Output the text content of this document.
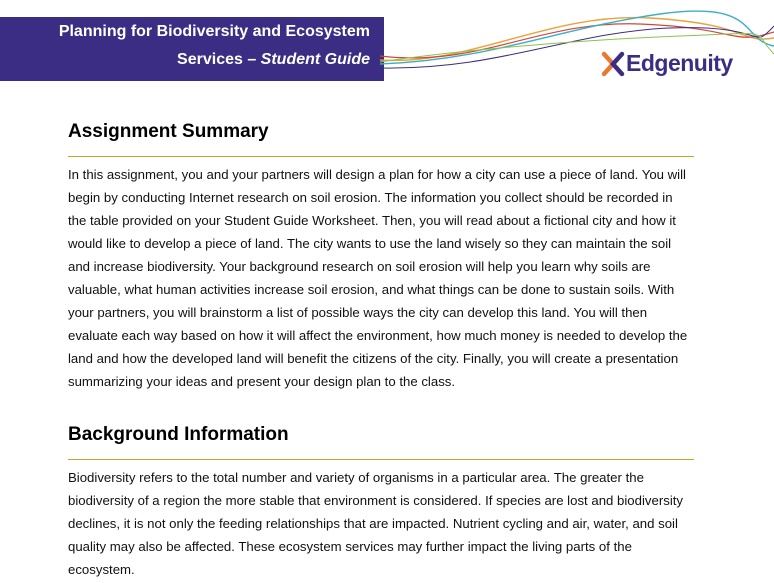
Planning for Biodiversity and Ecosystem
Services – Student Guide	Edgenuity
Assignment Summary

In this assignment, you and your partners will design a plan for how a city can use a piece of land. You will begin by conducting Internet research on soil erosion. The information you collect should be recorded in the table provided on your Student Guide Worksheet. Then, you will read about a fictional city and how it would like to develop a piece of land. The city wants to use the land wisely so they can maintain the soil and increase biodiversity. Your background research on soil erosion will help you learn why soils are valuable, what human activities increase soil erosion, and what things can be done to sustain soils. With your partners, you will brainstorm a list of possible ways the city can develop this land. You will then evaluate each way based on how it will affect the environment, how much money is needed to develop the land and how the developed land will benefit the citizens of the city. Finally, you will create a presentation summarizing your ideas and present your design plan to the class.

Background Information

Biodiversity refers to the total number and variety of organisms in a particular area. The greater the biodiversity of a region the more stable that environment is considered. If species are lost and biodiversity declines, it is not only the feeding relationships that are impacted. Nutrient cycling and air, water, and soil quality may also be affected. These ecosystem services may further impact the living parts of the ecosystem.
